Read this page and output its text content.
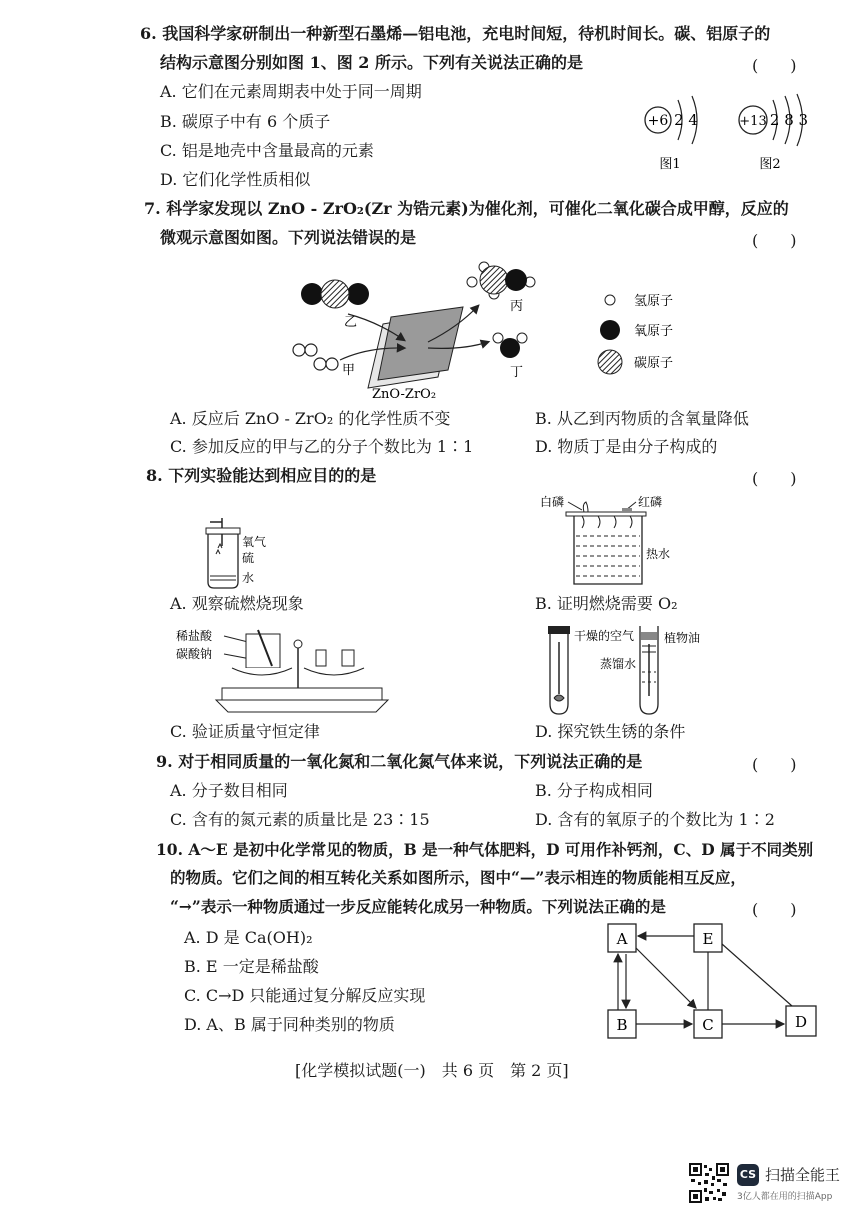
6. 我国科学家研制出一种新型石墨烯—铝电池，充电时间短，待机时间长。碳、铝原子的
结构示意图分别如图 1、图 2 所示。下列有关说法正确的是	(　　)
A. 它们在元素周期表中处于同一周期
B. 碳原子中有 6 个质子
C. 铝是地壳中含量最高的元素
D. 它们化学性质相似
+6 2 4
图1
+13 2 8 3
图2
7. 科学家发现以 ZnO - ZrO₂(Zr 为锆元素)为催化剂，可催化二氧化碳合成甲醇，反应的
微观示意图如图。下列说法错误的是	(　　)
乙
甲
ZnO-ZrO₂
丙
丁
氢原子
氧原子
碳原子
A. 反应后 ZnO - ZrO₂ 的化学性质不变	B. 从乙到丙物质的含氧量降低
C. 参加反应的甲与乙的分子个数比为 1∶1	D. 物质丁是由分子构成的
8. 下列实验能达到相应目的的是	(　　)
氧气
硫
水
A. 观察硫燃烧现象
白磷	红磷
热水
B. 证明燃烧需要 O₂
稀盐酸
碳酸钠
C. 验证质量守恒定律
干燥的空气 植物油
蒸馏水
D. 探究铁生锈的条件
9. 对于相同质量的一氧化氮和二氧化氮气体来说，下列说法正确的是	(　　)
A. 分子数目相同	B. 分子构成相同
C. 含有的氮元素的质量比是 23∶15	D. 含有的氧原子的个数比为 1∶2
10. A～E 是初中化学常见的物质，B 是一种气体肥料，D 可用作补钙剂，C、D 属于不同类别
的物质。它们之间的相互转化关系如图所示，图中“—”表示相连的物质能相互反应，
“→”表示一种物质通过一步反应能转化成另一种物质。下列说法正确的是	(　　)
A. D 是 Ca(OH)₂
B. E 一定是稀盐酸
C. C→D 只能通过复分解反应实现
D. A、B 属于同种类别的物质
A	E
B	C	D
[化学模拟试题(一)　共 6 页　第 2 页]
CS 扫描全能王
3亿人都在用的扫描App
